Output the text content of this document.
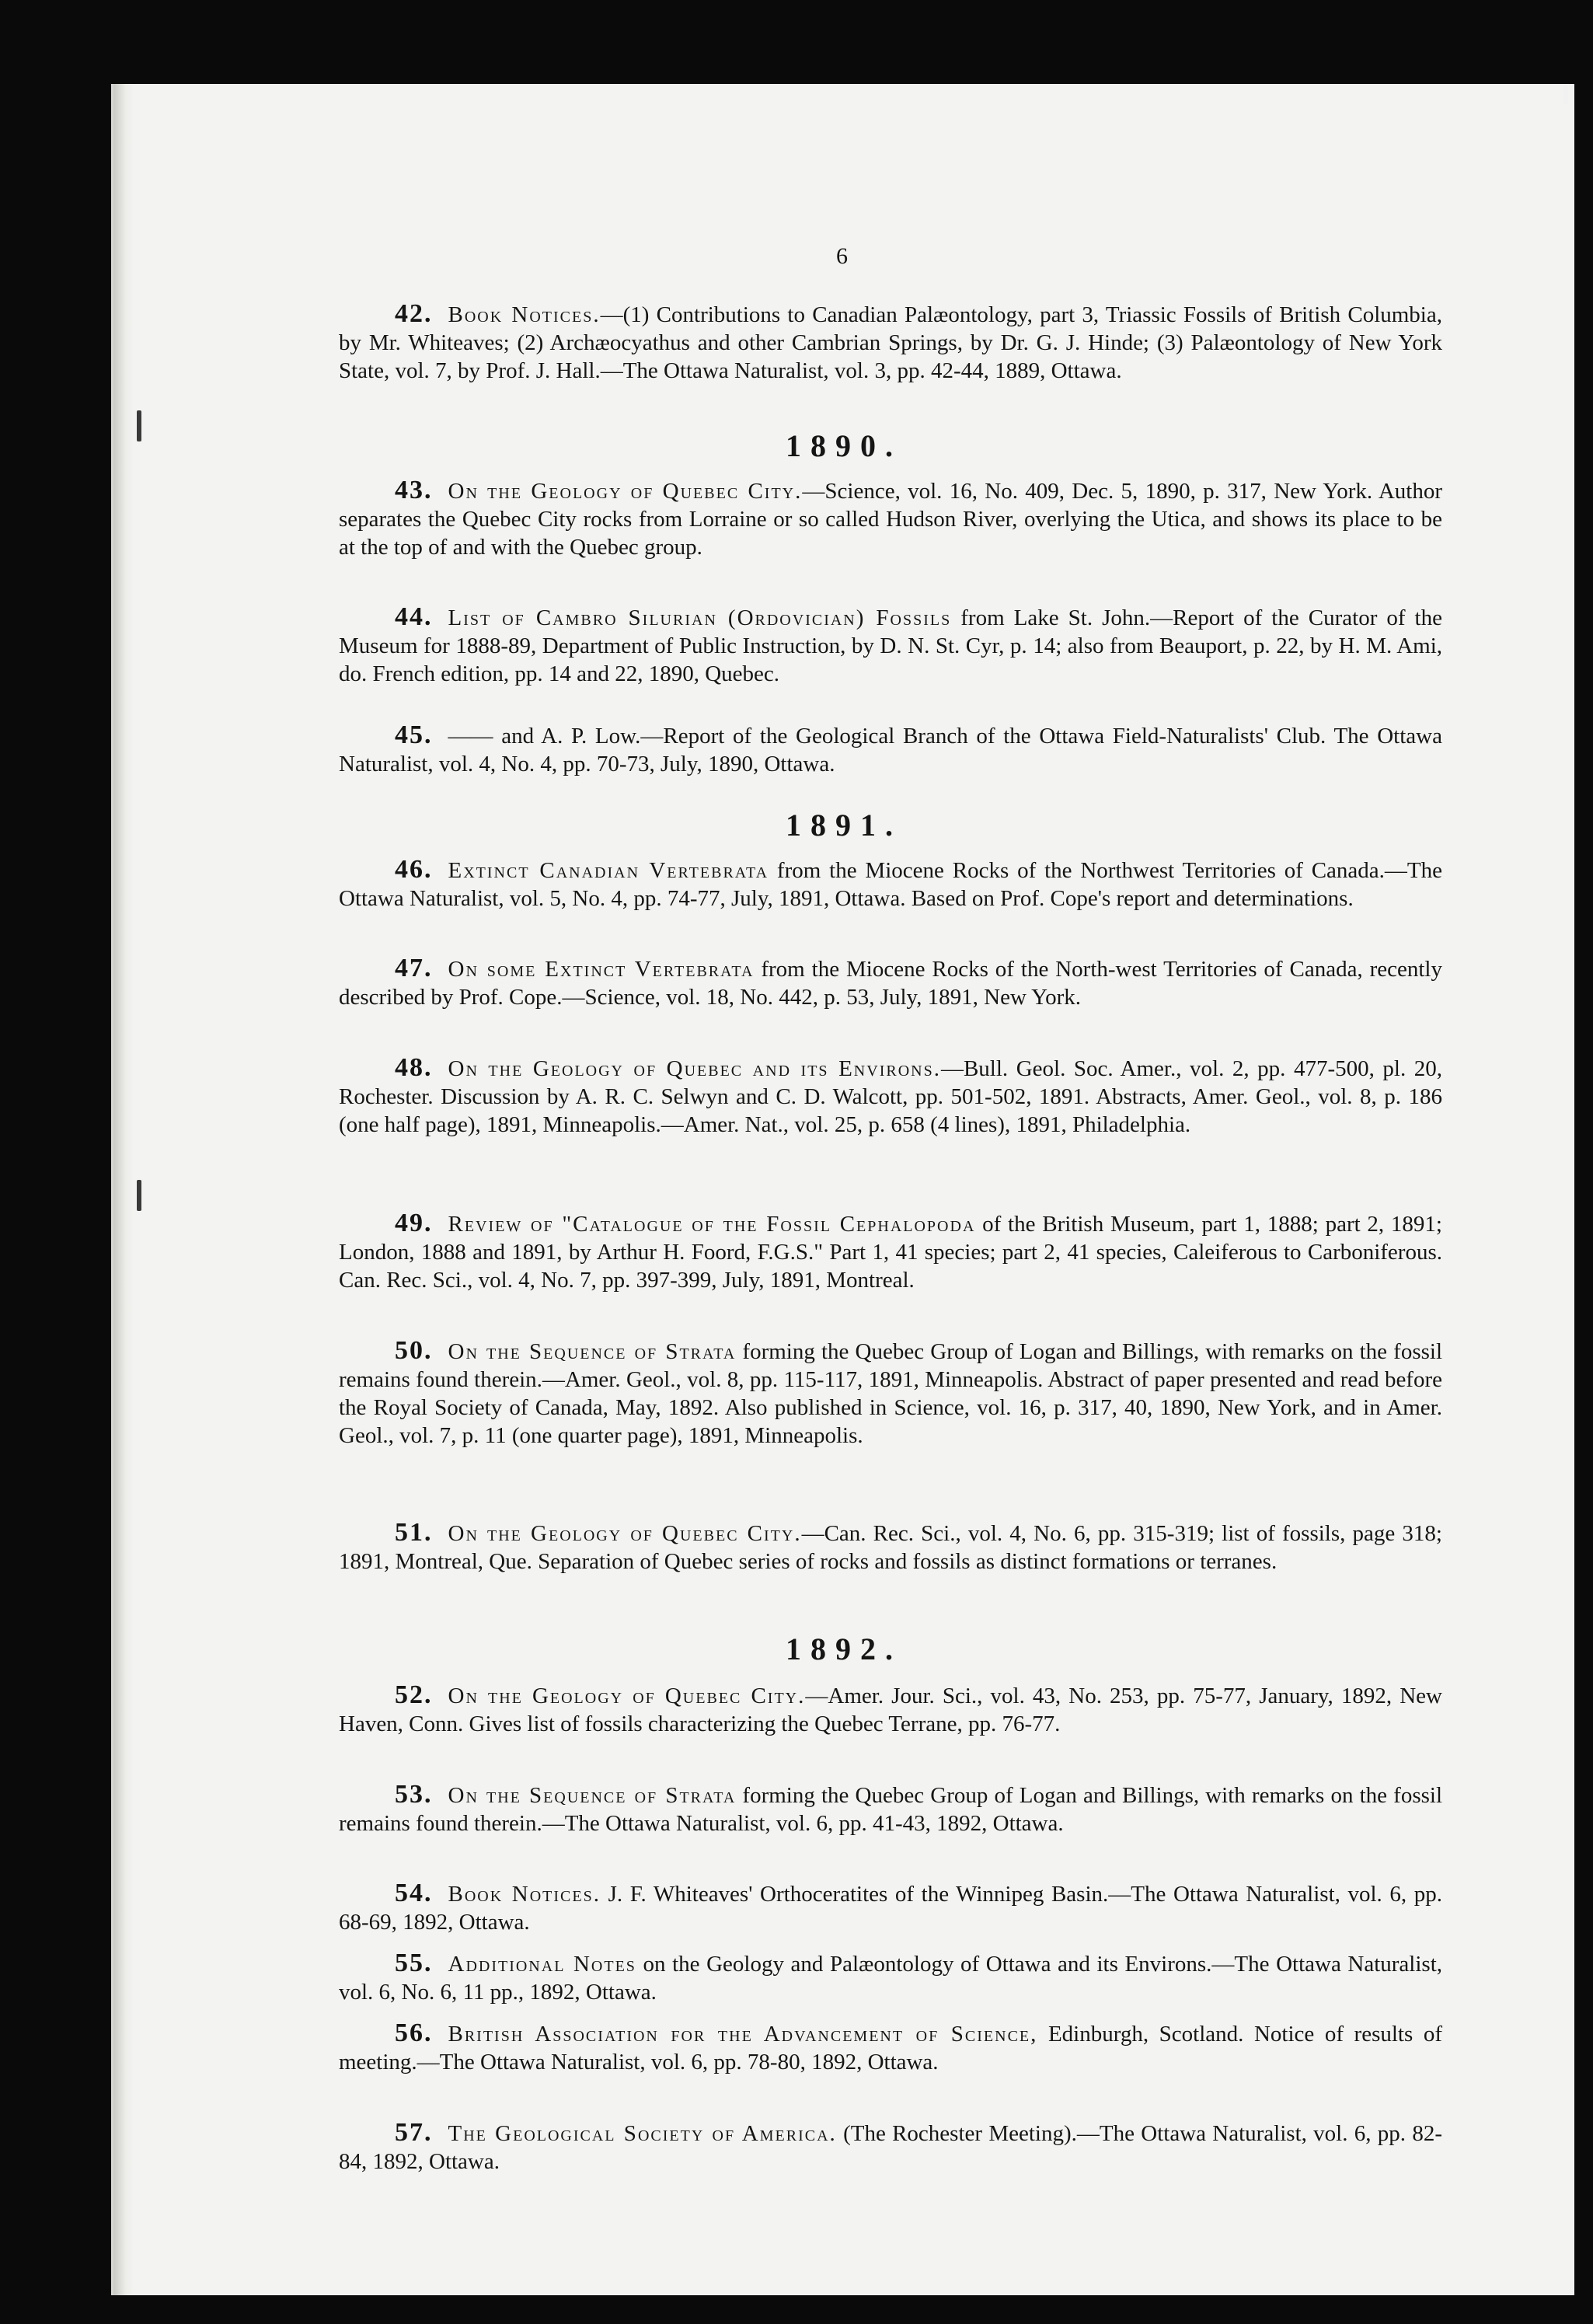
6
42. Book Notices.—(1) Contributions to Canadian Palæontology, part 3, Triassic Fossils of British Columbia, by Mr. Whiteaves; (2) Archæocyathus and other Cambrian Springs, by Dr. G. J. Hinde; (3) Palæontology of New York State, vol. 7, by Prof. J. Hall.—The Ottawa Naturalist, vol. 3, pp. 42-44, 1889, Ottawa.
1890.
43. On the Geology of Quebec City.—Science, vol. 16, No. 409, Dec. 5, 1890, p. 317, New York. Author separates the Quebec City rocks from Lorraine or so called Hudson River, overlying the Utica, and shows its place to be at the top of and with the Quebec group.
44. List of Cambro Silurian (Ordovician) Fossils from Lake St. John.—Report of the Curator of the Museum for 1888-89, Department of Public Instruction, by D. N. St. Cyr, p. 14; also from Beauport, p. 22, by H. M. Ami, do. French edition, pp. 14 and 22, 1890, Quebec.
45. —— and A. P. Low.—Report of the Geological Branch of the Ottawa Field-Naturalists' Club. The Ottawa Naturalist, vol. 4, No. 4, pp. 70-73, July, 1890, Ottawa.
1891.
46. Extinct Canadian Vertebrata from the Miocene Rocks of the Northwest Territories of Canada.—The Ottawa Naturalist, vol. 5, No. 4, pp. 74-77, July, 1891, Ottawa. Based on Prof. Cope's report and determinations.
47. On some Extinct Vertebrata from the Miocene Rocks of the North-west Territories of Canada, recently described by Prof. Cope.—Science, vol. 18, No. 442, p. 53, July, 1891, New York.
48. On the Geology of Quebec and its Environs.—Bull. Geol. Soc. Amer., vol. 2, pp. 477-500, pl. 20, Rochester. Discussion by A. R. C. Selwyn and C. D. Walcott, pp. 501-502, 1891. Abstracts, Amer. Geol., vol. 8, p. 186 (one half page), 1891, Minneapolis.—Amer. Nat., vol. 25, p. 658 (4 lines), 1891, Philadelphia.
49. Review of "Catalogue of the Fossil Cephalopoda of the British Museum, part 1, 1888; part 2, 1891; London, 1888 and 1891, by Arthur H. Foord, F.G.S." Part 1, 41 species; part 2, 41 species, Caleiferous to Carboniferous. Can. Rec. Sci., vol. 4, No. 7, pp. 397-399, July, 1891, Montreal.
50. On the Sequence of Strata forming the Quebec Group of Logan and Billings, with remarks on the fossil remains found therein.—Amer. Geol., vol. 8, pp. 115-117, 1891, Minneapolis. Abstract of paper presented and read before the Royal Society of Canada, May, 1892. Also published in Science, vol. 16, p. 317, 40, 1890, New York, and in Amer. Geol., vol. 7, p. 11 (one quarter page), 1891, Minneapolis.
51. On the Geology of Quebec City.—Can. Rec. Sci., vol. 4, No. 6, pp. 315-319; list of fossils, page 318; 1891, Montreal, Que. Separation of Quebec series of rocks and fossils as distinct formations or terranes.
1892.
52. On the Geology of Quebec City.—Amer. Jour. Sci., vol. 43, No. 253, pp. 75-77, January, 1892, New Haven, Conn. Gives list of fossils characterizing the Quebec Terrane, pp. 76-77.
53. On the Sequence of Strata forming the Quebec Group of Logan and Billings, with remarks on the fossil remains found therein.—The Ottawa Naturalist, vol. 6, pp. 41-43, 1892, Ottawa.
54. Book Notices. J. F. Whiteaves' Orthoceratites of the Winnipeg Basin.—The Ottawa Naturalist, vol. 6, pp. 68-69, 1892, Ottawa.
55. Additional Notes on the Geology and Palæontology of Ottawa and its Environs.—The Ottawa Naturalist, vol. 6, No. 6, 11 pp., 1892, Ottawa.
56. British Association for the Advancement of Science, Edinburgh, Scotland. Notice of results of meeting.—The Ottawa Naturalist, vol. 6, pp. 78-80, 1892, Ottawa.
57. The Geological Society of America. (The Rochester Meeting).—The Ottawa Naturalist, vol. 6, pp. 82-84, 1892, Ottawa.
